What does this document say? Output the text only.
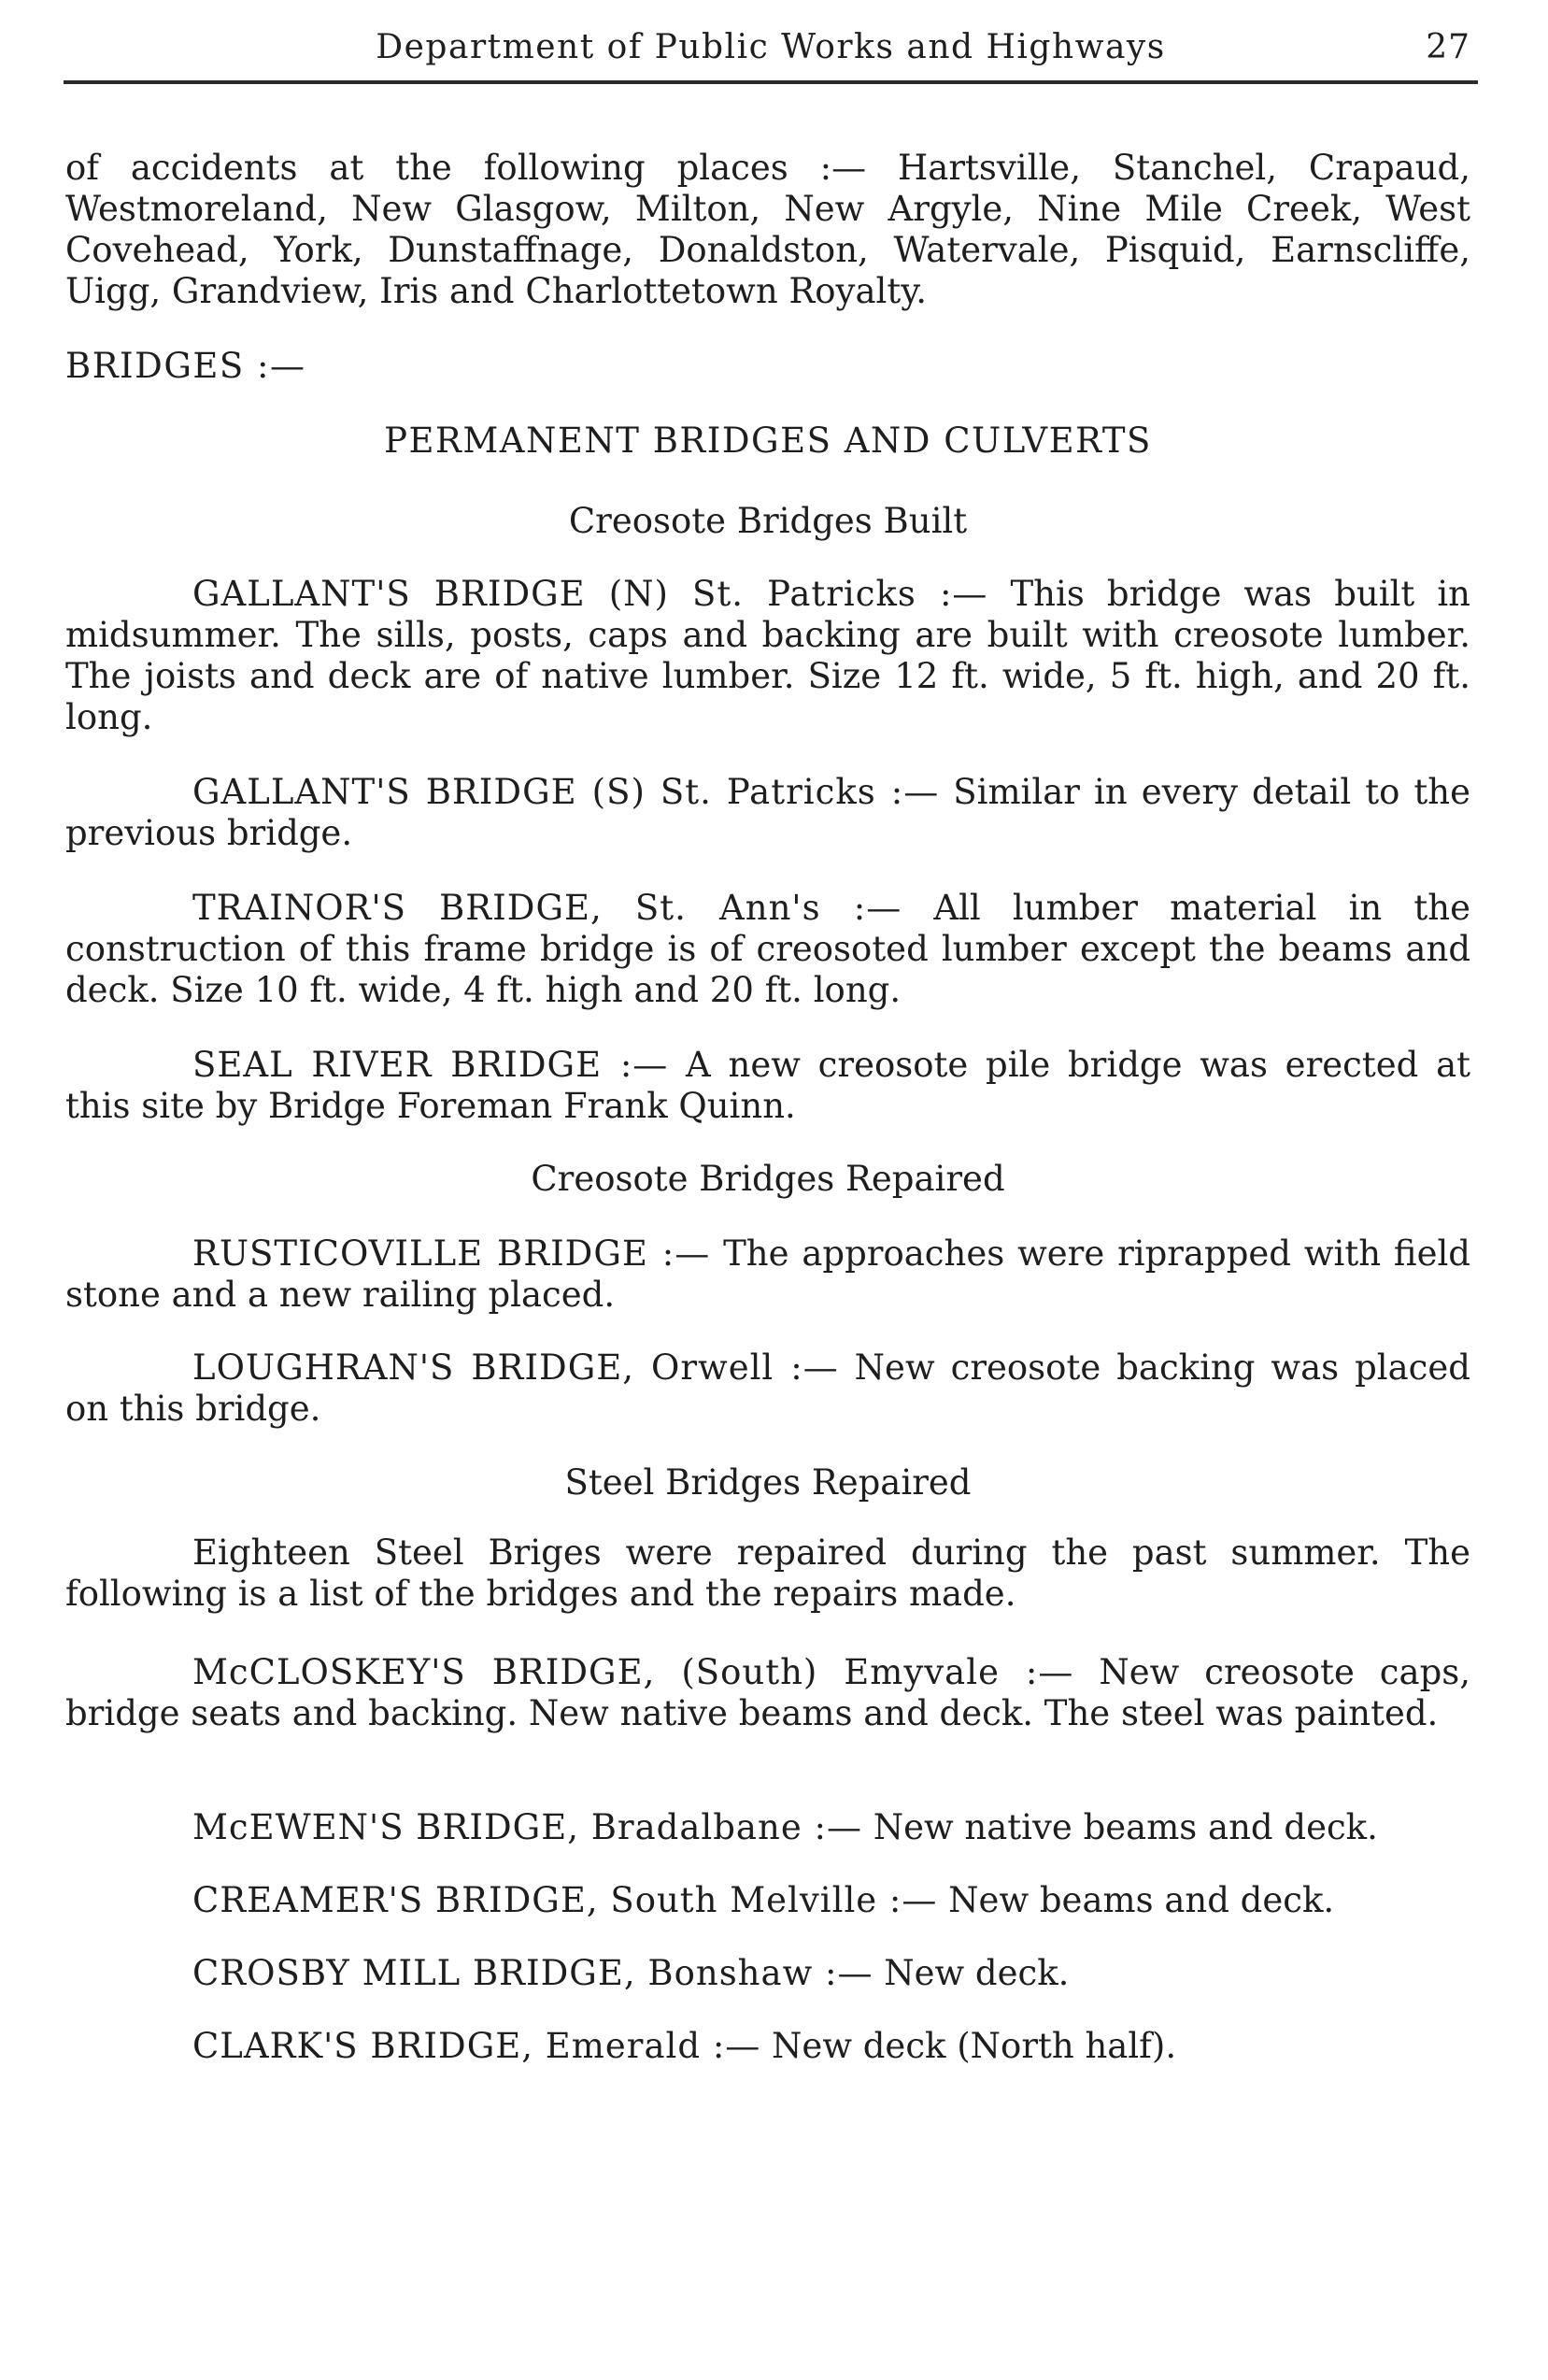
Department of Public Works and Highways	27

of accidents at the following places :— Hartsville, Stanchel, Crapaud, Westmoreland, New Glasgow, Milton, New Argyle, Nine Mile Creek, West Covehead, York, Dunstaffnage, Donaldston, Watervale, Pisquid, Earnscliffe, Uigg, Grandview, Iris and Charlottetown Royalty.

BRIDGES :—

PERMANENT BRIDGES AND CULVERTS
Creosote Bridges Built

GALLANT'S BRIDGE (N) St. Patricks :— This bridge was built in midsummer. The sills, posts, caps and backing are built with creosote lumber. The joists and deck are of native lumber. Size 12 ft. wide, 5 ft. high, and 20 ft. long.

GALLANT'S BRIDGE (S) St. Patricks :— Similar in every detail to the previous bridge.

TRAINOR'S BRIDGE, St. Ann's :— All lumber material in the construction of this frame bridge is of creosoted lumber except the beams and deck. Size 10 ft. wide, 4 ft. high and 20 ft. long.

SEAL RIVER BRIDGE :— A new creosote pile bridge was erected at this site by Bridge Foreman Frank Quinn.

Creosote Bridges Repaired

RUSTICOVILLE BRIDGE :— The approaches were riprapped with field stone and a new railing placed.

LOUGHRAN'S BRIDGE, Orwell :— New creosote backing was placed on this bridge.

Steel Bridges Repaired

Eighteen Steel Briges were repaired during the past summer. The following is a list of the bridges and the repairs made.

McCLOSKEY'S BRIDGE, (South) Emyvale :— New creosote caps, bridge seats and backing. New native beams and deck. The steel was painted.

McEWEN'S BRIDGE, Bradalbane :— New native beams and deck.

CREAMER'S BRIDGE, South Melville :— New beams and deck.

CROSBY MILL BRIDGE, Bonshaw :— New deck.

CLARK'S BRIDGE, Emerald :— New deck (North half).
